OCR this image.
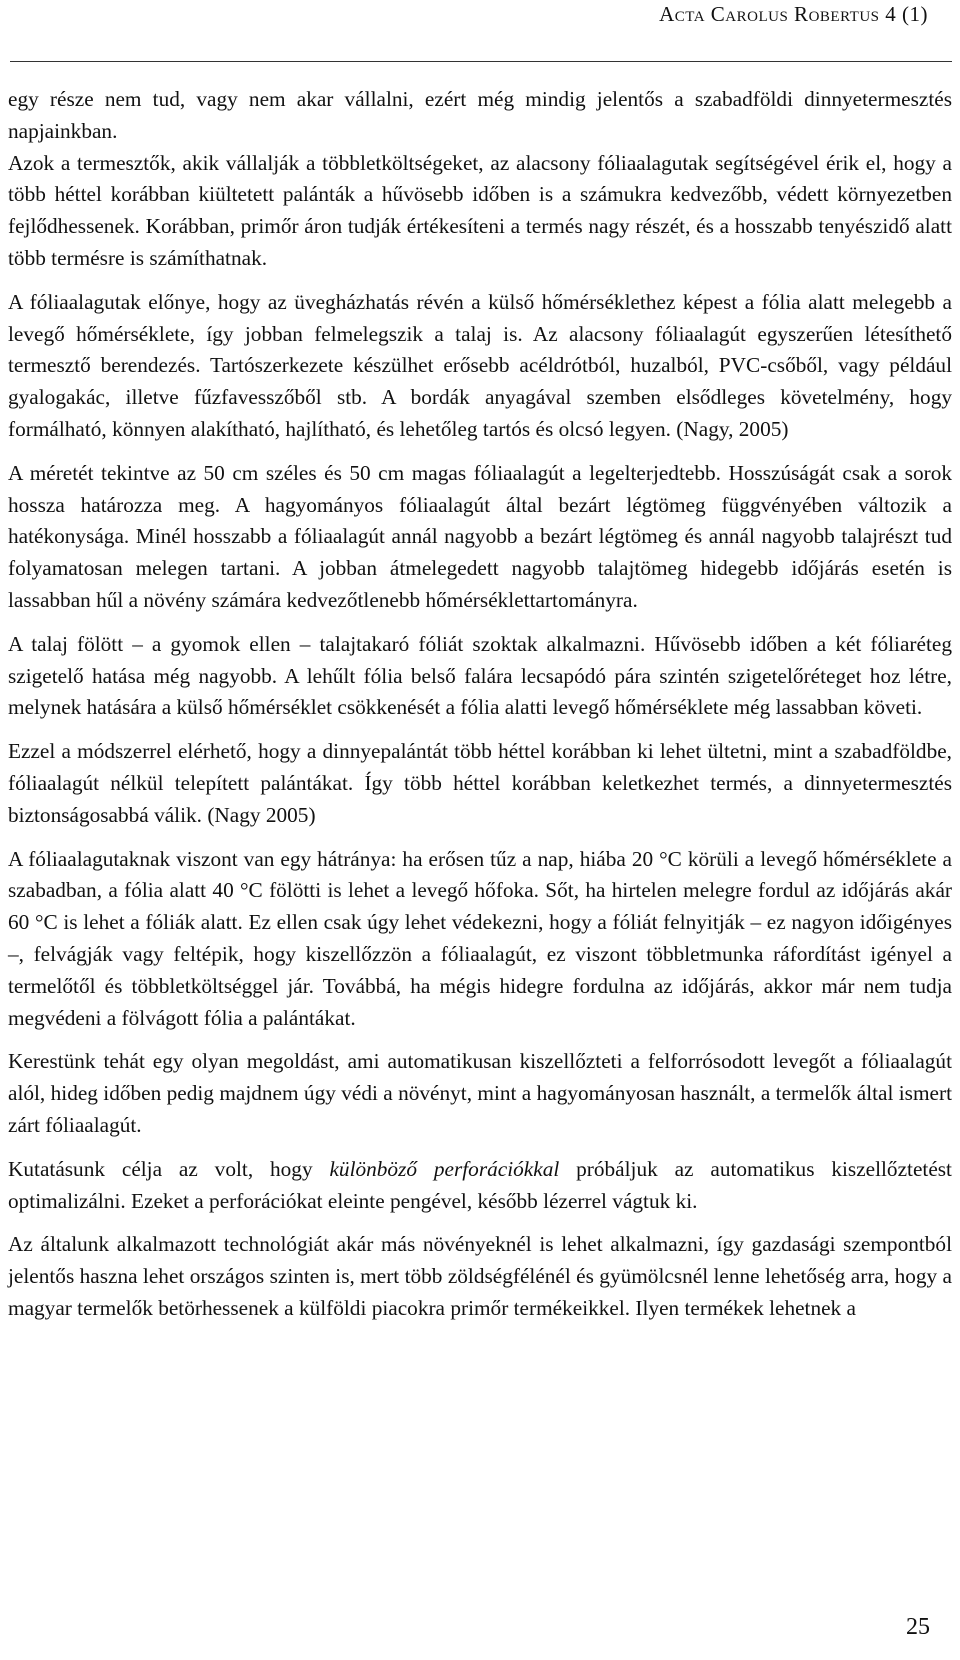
Acta Carolus Robertus 4 (1)

egy része nem tud, vagy nem akar vállalni, ezért még mindig jelentős a szabadföldi dinnyetermesztés napjainkban.

Azok a termesztők, akik vállalják a többletköltségeket, az alacsony fóliaalagutak segítségével érik el, hogy a több héttel korábban kiültetett palánták a hűvösebb időben is a számukra kedvezőbb, védett környezetben fejlődhessenek. Korábban, primőr áron tudják értékesíteni a termés nagy részét, és a hosszabb tenyészidő alatt több termésre is számíthatnak.

A fóliaalagutak előnye, hogy az üvegházhatás révén a külső hőmérséklethez képest a fólia alatt melegebb a levegő hőmérséklete, így jobban felmelegszik a talaj is. Az alacsony fóliaalagút egyszerűen létesíthető termesztő berendezés. Tartószerkezete készülhet erősebb acéldrótból, huzalból, PVC-csőből, vagy például gyalogakác, illetve fűzfavesszőből stb. A bordák anyagával szemben elsődleges követelmény, hogy formálható, könnyen alakítható, hajlítható, és lehetőleg tartós és olcsó legyen. (Nagy, 2005)

A méretét tekintve az 50 cm széles és 50 cm magas fóliaalagút a legelterjedtebb. Hosszúságát csak a sorok hossza határozza meg. A hagyományos fóliaalagút által bezárt légtömeg függvényében változik a hatékonysága. Minél hosszabb a fóliaalagút annál nagyobb a bezárt légtömeg és annál nagyobb talajrészt tud folyamatosan melegen tartani. A jobban átmelegedett nagyobb talajtömeg hidegebb időjárás esetén is lassabban hűl a növény számára kedvezőtlenebb hőmérséklettartományra.

A talaj fölött – a gyomok ellen – talajtakaró fóliát szoktak alkalmazni. Hűvösebb időben a két fóliaréteg szigetelő hatása még nagyobb. A lehűlt fólia belső falára lecsapódó pára szintén szigetelőréteget hoz létre, melynek hatására a külső hőmérséklet csökkenését a fólia alatti levegő hőmérséklete még lassabban követi.

Ezzel a módszerrel elérhető, hogy a dinnyepalántát több héttel korábban ki lehet ültetni, mint a szabadföldbe, fóliaalagút nélkül telepített palántákat. Így több héttel korábban keletkezhet termés, a dinnyetermesztés biztonságosabbá válik. (Nagy 2005)

A fóliaalagutaknak viszont van egy hátránya: ha erősen tűz a nap, hiába 20 °C körüli a levegő hőmérséklete a szabadban, a fólia alatt 40 °C fölötti is lehet a levegő hőfoka. Sőt, ha hirtelen melegre fordul az időjárás akár 60 °C is lehet a fóliák alatt. Ez ellen csak úgy lehet védekezni, hogy a fóliát felnyitják – ez nagyon időigényes –, felvágják vagy feltépik, hogy kiszellőzzön a fóliaalagút, ez viszont többletmunka ráfordítást igényel a termelőtől és többletköltséggel jár. Továbbá, ha mégis hidegre fordulna az időjárás, akkor már nem tudja megvédeni a fölvágott fólia a palántákat.

Kerestünk tehát egy olyan megoldást, ami automatikusan kiszellőzteti a felforrósodott levegőt a fóliaalagút alól, hideg időben pedig majdnem úgy védi a növényt, mint a hagyományosan használt, a termelők által ismert zárt fóliaalagút.

Kutatásunk célja az volt, hogy különböző perforációkkal próbáljuk az automatikus kiszellőztetést optimalizálni. Ezeket a perforációkat eleinte pengével, később lézerrel vágtuk ki.

Az általunk alkalmazott technológiát akár más növényeknél is lehet alkalmazni, így gazdasági szempontból jelentős haszna lehet országos szinten is, mert több zöldségfélénél és gyümölcsnél lenne lehetőség arra, hogy a magyar termelők betörhessenek a külföldi piacokra primőr termékeikkel. Ilyen termékek lehetnek a

25
